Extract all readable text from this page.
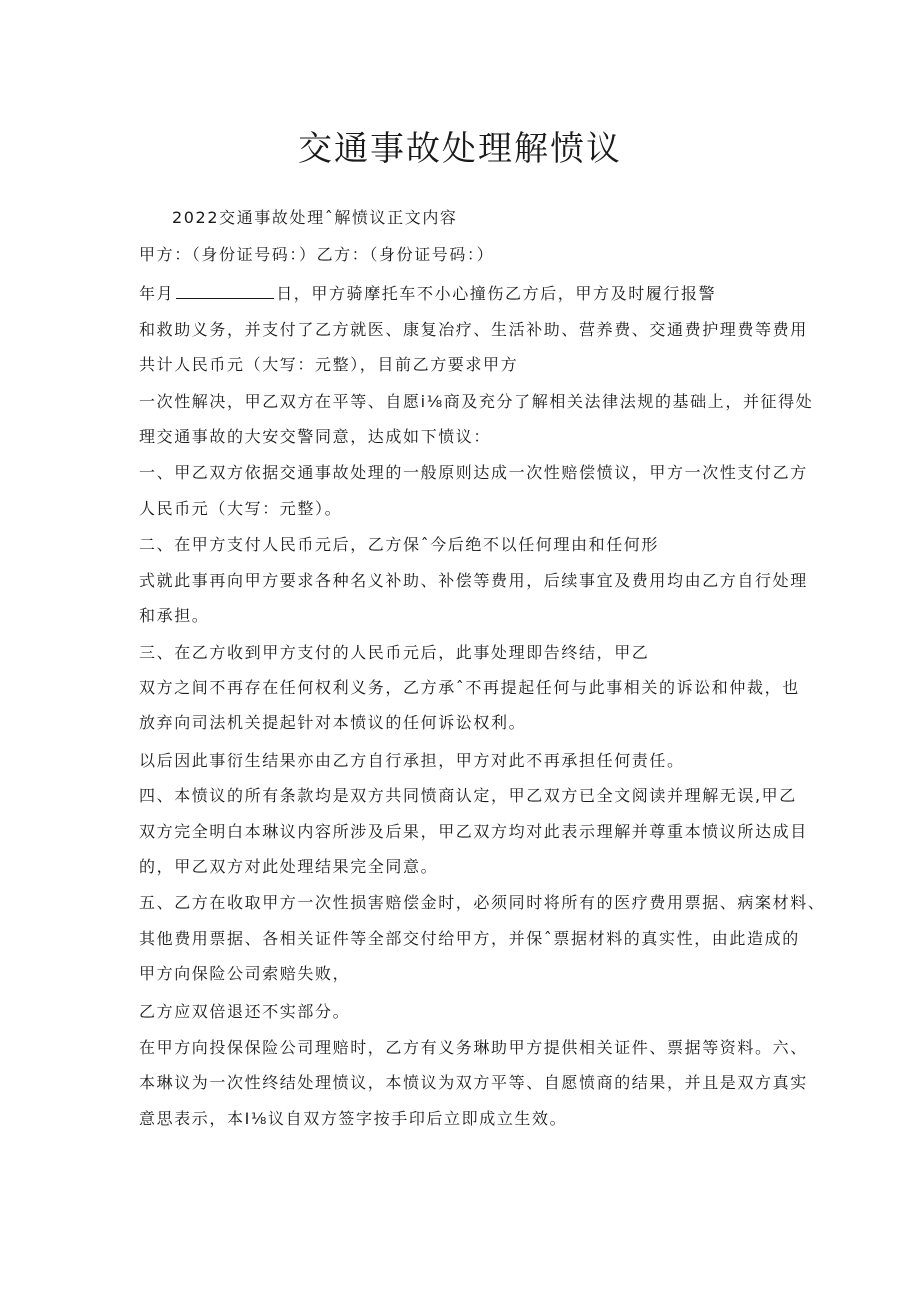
交通事故处理解愤议

2022交通事故处理ˆ解愤议正文内容

甲方：（身份证号码：）乙方：（身份证号码：）

年月	日，甲方骑摩托车不小心撞伤乙方后，甲方及时履行报警

和救助义务，并支付了乙方就医、康复冶疗、生活补助、营养费、交通费护理费等费用

共计人民币元（大写：元整），目前乙方要求甲方

一次性解决，甲乙双方在平等、自愿i⅛商及充分了解相关法律法规的基础上，并征得处

理交通事故的大安交警同意，达成如下愤议：

一、甲乙双方依据交通事故处理的一般原则达成一次性赔偿愤议，甲方一次性支付乙方

人民币元（大写：元整）。

二、在甲方支付人民币元后，乙方保ˆ今后绝不以任何理由和任何形

式就此事再向甲方要求各种名义补助、补偿等费用，后续事宜及费用均由乙方自行处理

和承担。

三、在乙方收到甲方支付的人民币元后，此事处理即告终结，甲乙

双方之间不再存在任何权利义务，乙方承ˆ不再提起任何与此事相关的诉讼和仲裁，也

放弃向司法机关提起针对本愤议的任何诉讼权利。

以后因此事衍生结果亦由乙方自行承担，甲方对此不再承担任何责任。

四、本愤议的所有条款均是双方共同愤商认定，甲乙双方已全文阅读并理解无误,甲乙

双方完全明白本琳议内容所涉及后果，甲乙双方均对此表示理解并尊重本愤议所达成目

的，甲乙双方对此处理结果完全同意。

五、乙方在收取甲方一次性损害赔偿金时，必须同时将所有的医疗费用票据、病案材料、

其他费用票据、各相关证件等全部交付给甲方，并保ˆ票据材料的真实性，由此造成的

甲方向保险公司索赔失败，

乙方应双倍退还不实部分。

在甲方向投保保险公司理赔时，乙方有义务琳助甲方提供相关证件、票据等资料。六、

本琳议为一次性终结处理愤议，本愤议为双方平等、自愿愤商的结果，并且是双方真实

意思表示，本I⅛议自双方签字按手印后立即成立生效。
